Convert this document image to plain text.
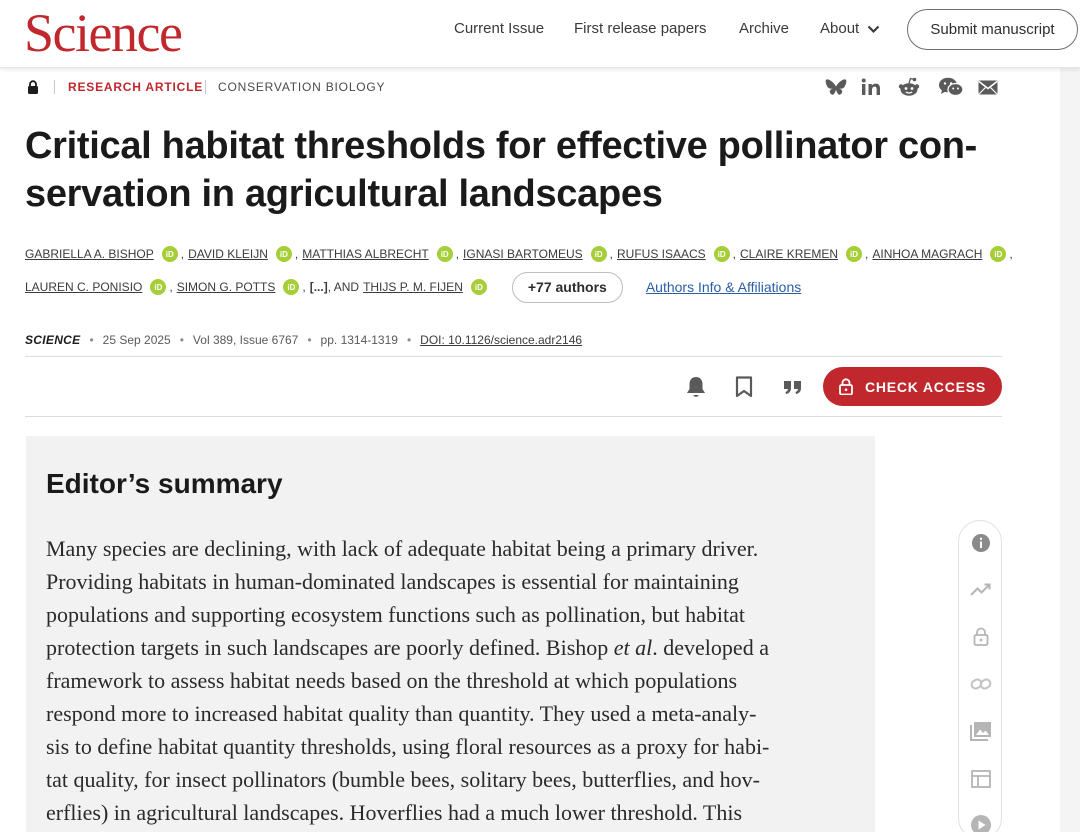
Science	Current Issue First release papers Archive About	Submit manuscript
RESEARCH ARTICLE CONSERVATION BIOLOGY
Critical habitat thresholds for effective pollinator con-
servation in agricultural landscapes
GABRIELLA A. BISHOP	iD , DAVID KLEIJN	iD , MATTHIAS ALBRECHT	iD , IGNASI BARTOMEUS	iD , RUFUS ISAACS	iD , CLAIRE KREMEN	iD , AINHOA MAGRACH	iD ,
LAUREN C. PONISIO	iD , SIMON G. POTTS	iD , [...] , AND THIJS P. M. FIJEN	iD	+77 authors	Authors Info & Affiliations
SCIENCE • 25 Sep 2025 • Vol 389, Issue 6767 • pp. 1314-1319 • DOI: 10.1126/science.adr2146
CHECK ACCESS
Editor’s summary
Many species are declining, with lack of adequate habitat being a primary driver.
Providing habitats in human-dominated landscapes is essential for maintaining
populations and supporting ecosystem functions such as pollination, but habitat
protection targets in such landscapes are poorly defined. Bishop et al. developed a
framework to assess habitat needs based on the threshold at which populations
respond more to increased habitat quality than quantity. They used a meta-analy-
sis to define habitat quantity thresholds, using floral resources as a proxy for habi-
tat quality, for insect pollinators (bumble bees, solitary bees, butterflies, and hov-
erflies) in agricultural landscapes. Hoverflies had a much lower threshold. This
